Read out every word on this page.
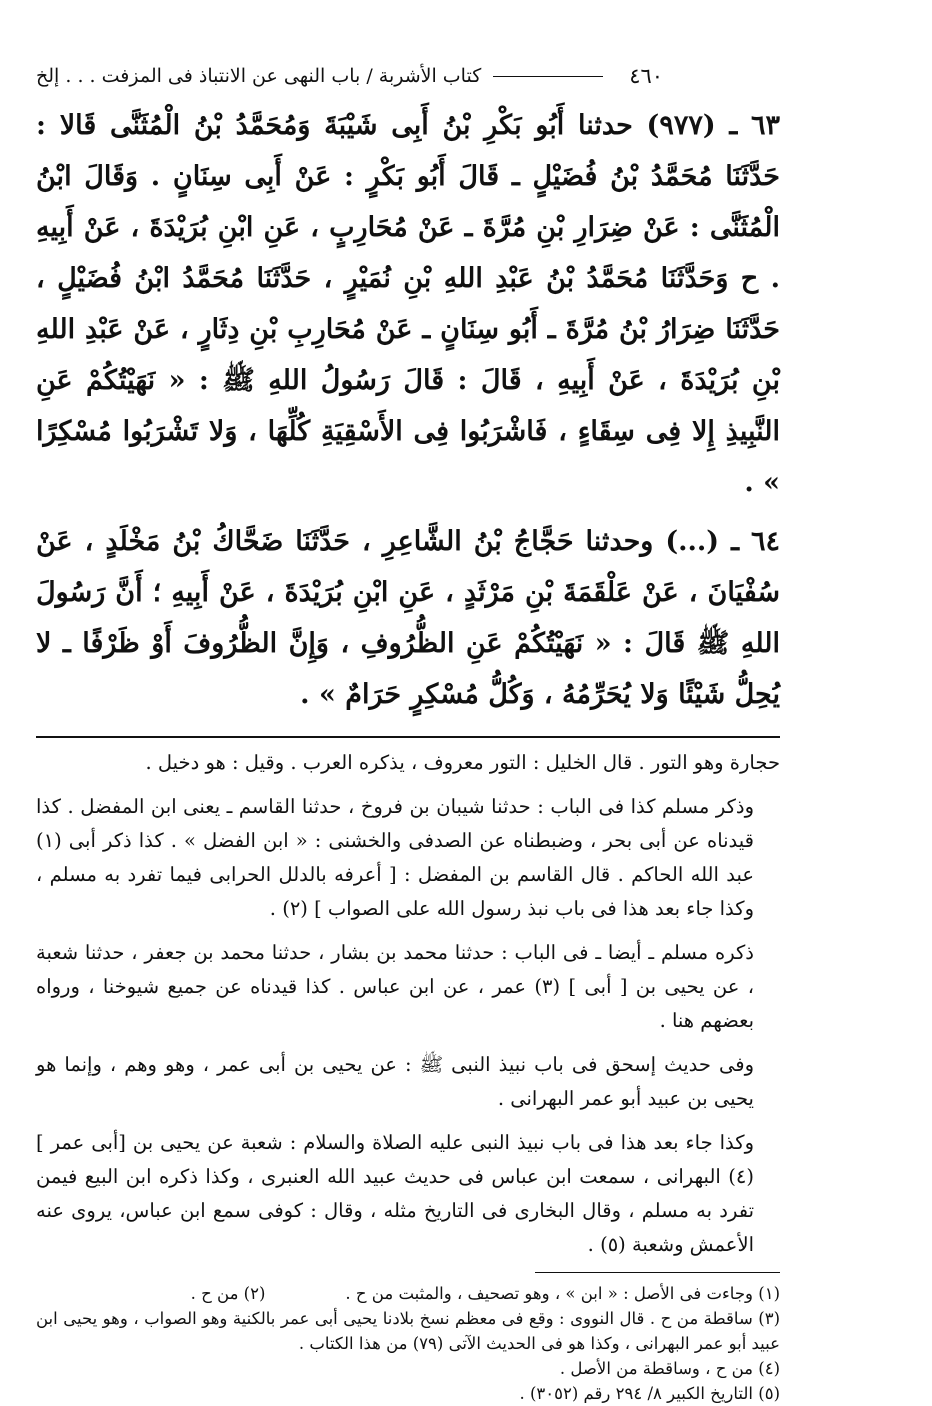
٤٦٠
كتاب الأشربة / باب النهى عن الانتباذ فى المزفت . . . إلخ

٦٣ ـ (٩٧٧) حدثنا أَبُو بَكْرِ بْنُ أَبِى شَيْبَةَ وَمُحَمَّدُ بْنُ الْمُثَنَّى قَالا : حَدَّثَنَا مُحَمَّدُ بْنُ فُضَيْلٍ ـ قَالَ أَبُو بَكْرٍ : عَنْ أَبِى سِنَانٍ . وَقَالَ ابْنُ الْمُثَنَّى : عَنْ ضِرَارِ بْنِ مُرَّةَ ـ عَنْ مُحَارِبٍ ، عَنِ ابْنِ بُرَيْدَةَ ، عَنْ أَبِيهِ . ح وَحَدَّثَنَا مُحَمَّدُ بْنُ عَبْدِ اللهِ بْنِ نُمَيْرٍ ، حَدَّثَنَا مُحَمَّدُ ابْنُ فُضَيْلٍ ، حَدَّثَنَا ضِرَارُ بْنُ مُرَّةَ ـ أَبُو سِنَانٍ ـ عَنْ مُحَارِبِ بْنِ دِثَارٍ ، عَنْ عَبْدِ اللهِ بْنِ بُرَيْدَةَ ، عَنْ أَبِيهِ ، قَالَ : قَالَ رَسُولُ اللهِ ﷺ : « نَهَيْتُكُمْ عَنِ النَّبِيذِ إِلا فِى سِقَاءٍ ، فَاشْرَبُوا فِى الأَسْقِيَةِ كُلِّهَا ، وَلا تَشْرَبُوا مُسْكِرًا » .

٦٤ ـ (...) وحدثنا حَجَّاجُ بْنُ الشَّاعِرِ ، حَدَّثَنَا ضَحَّاكُ بْنُ مَخْلَدٍ ، عَنْ سُفْيَانَ ، عَنْ عَلْقَمَةَ بْنِ مَرْثَدٍ ، عَنِ ابْنِ بُرَيْدَةَ ، عَنْ أَبِيهِ ؛ أَنَّ رَسُولَ اللهِ ﷺ قَالَ : « نَهَيْتُكُمْ عَنِ الظُّرُوفِ ، وَإِنَّ الظُّرُوفَ أَوْ ظَرْفًا ـ لا يُحِلُّ شَيْئًا وَلا يُحَرِّمُهُ ، وَكُلُّ مُسْكِرٍ حَرَامٌ » .

حجارة وهو التور . قال الخليل : التور معروف ، يذكره العرب . وقيل : هو دخيل .

وذكر مسلم كذا فى الباب : حدثنا شيبان بن فروخ ، حدثنا القاسم ـ يعنى ابن المفضل . كذا قيدناه عن أبى بحر ، وضبطناه عن الصدفى والخشنى : « ابن الفضل » . كذا ذكر أبى (١) عبد الله الحاكم . قال القاسم بن المفضل : [ أعرفه بالدلل الحرابى فيما تفرد به مسلم ، وكذا جاء بعد هذا فى باب نبذ رسول الله على الصواب ] (٢) .

ذكره مسلم ـ أيضا ـ فى الباب : حدثنا محمد بن بشار ، حدثنا محمد بن جعفر ، حدثنا شعبة ، عن يحيى بن [ أبى ] (٣) عمر ، عن ابن عباس . كذا قيدناه عن جميع شيوخنا ، ورواه بعضهم هنا .

وفى حديث إسحق فى باب نبيذ النبى ﷺ : عن يحيى بن أبى عمر ، وهو وهم ، وإنما هو يحيى بن عبيد أبو عمر البهرانى .

وكذا جاء بعد هذا فى باب نبيذ النبى عليه الصلاة والسلام : شعبة عن يحيى بن [أبى عمر ] (٤) البهرانى ، سمعت ابن عباس فى حديث عبيد الله العنبرى ، وكذا ذكره ابن البيع فيمن تفرد به مسلم ، وقال البخارى فى التاريخ مثله ، وقال : كوفى سمع ابن عباس، يروى عنه الأعمش وشعبة (٥) .

(١) وجاءت فى الأصل : « ابن » ، وهو تصحيف ، والمثبت من ح .

(٢) من ح .

(٣) ساقطة من ح . قال النووى : وقع فى معظم نسخ بلادنا يحيى أبى عمر بالكنية وهو الصواب ، وهو يحيى ابن عبيد أبو عمر البهرانى ، وكذا هو فى الحديث الآتى (٧٩) من هذا الكتاب .

(٤) من ح ، وساقطة من الأصل .

(٥) التاريخ الكبير ٨/ ٢٩٤ رقم (٣٠٥٢) .
